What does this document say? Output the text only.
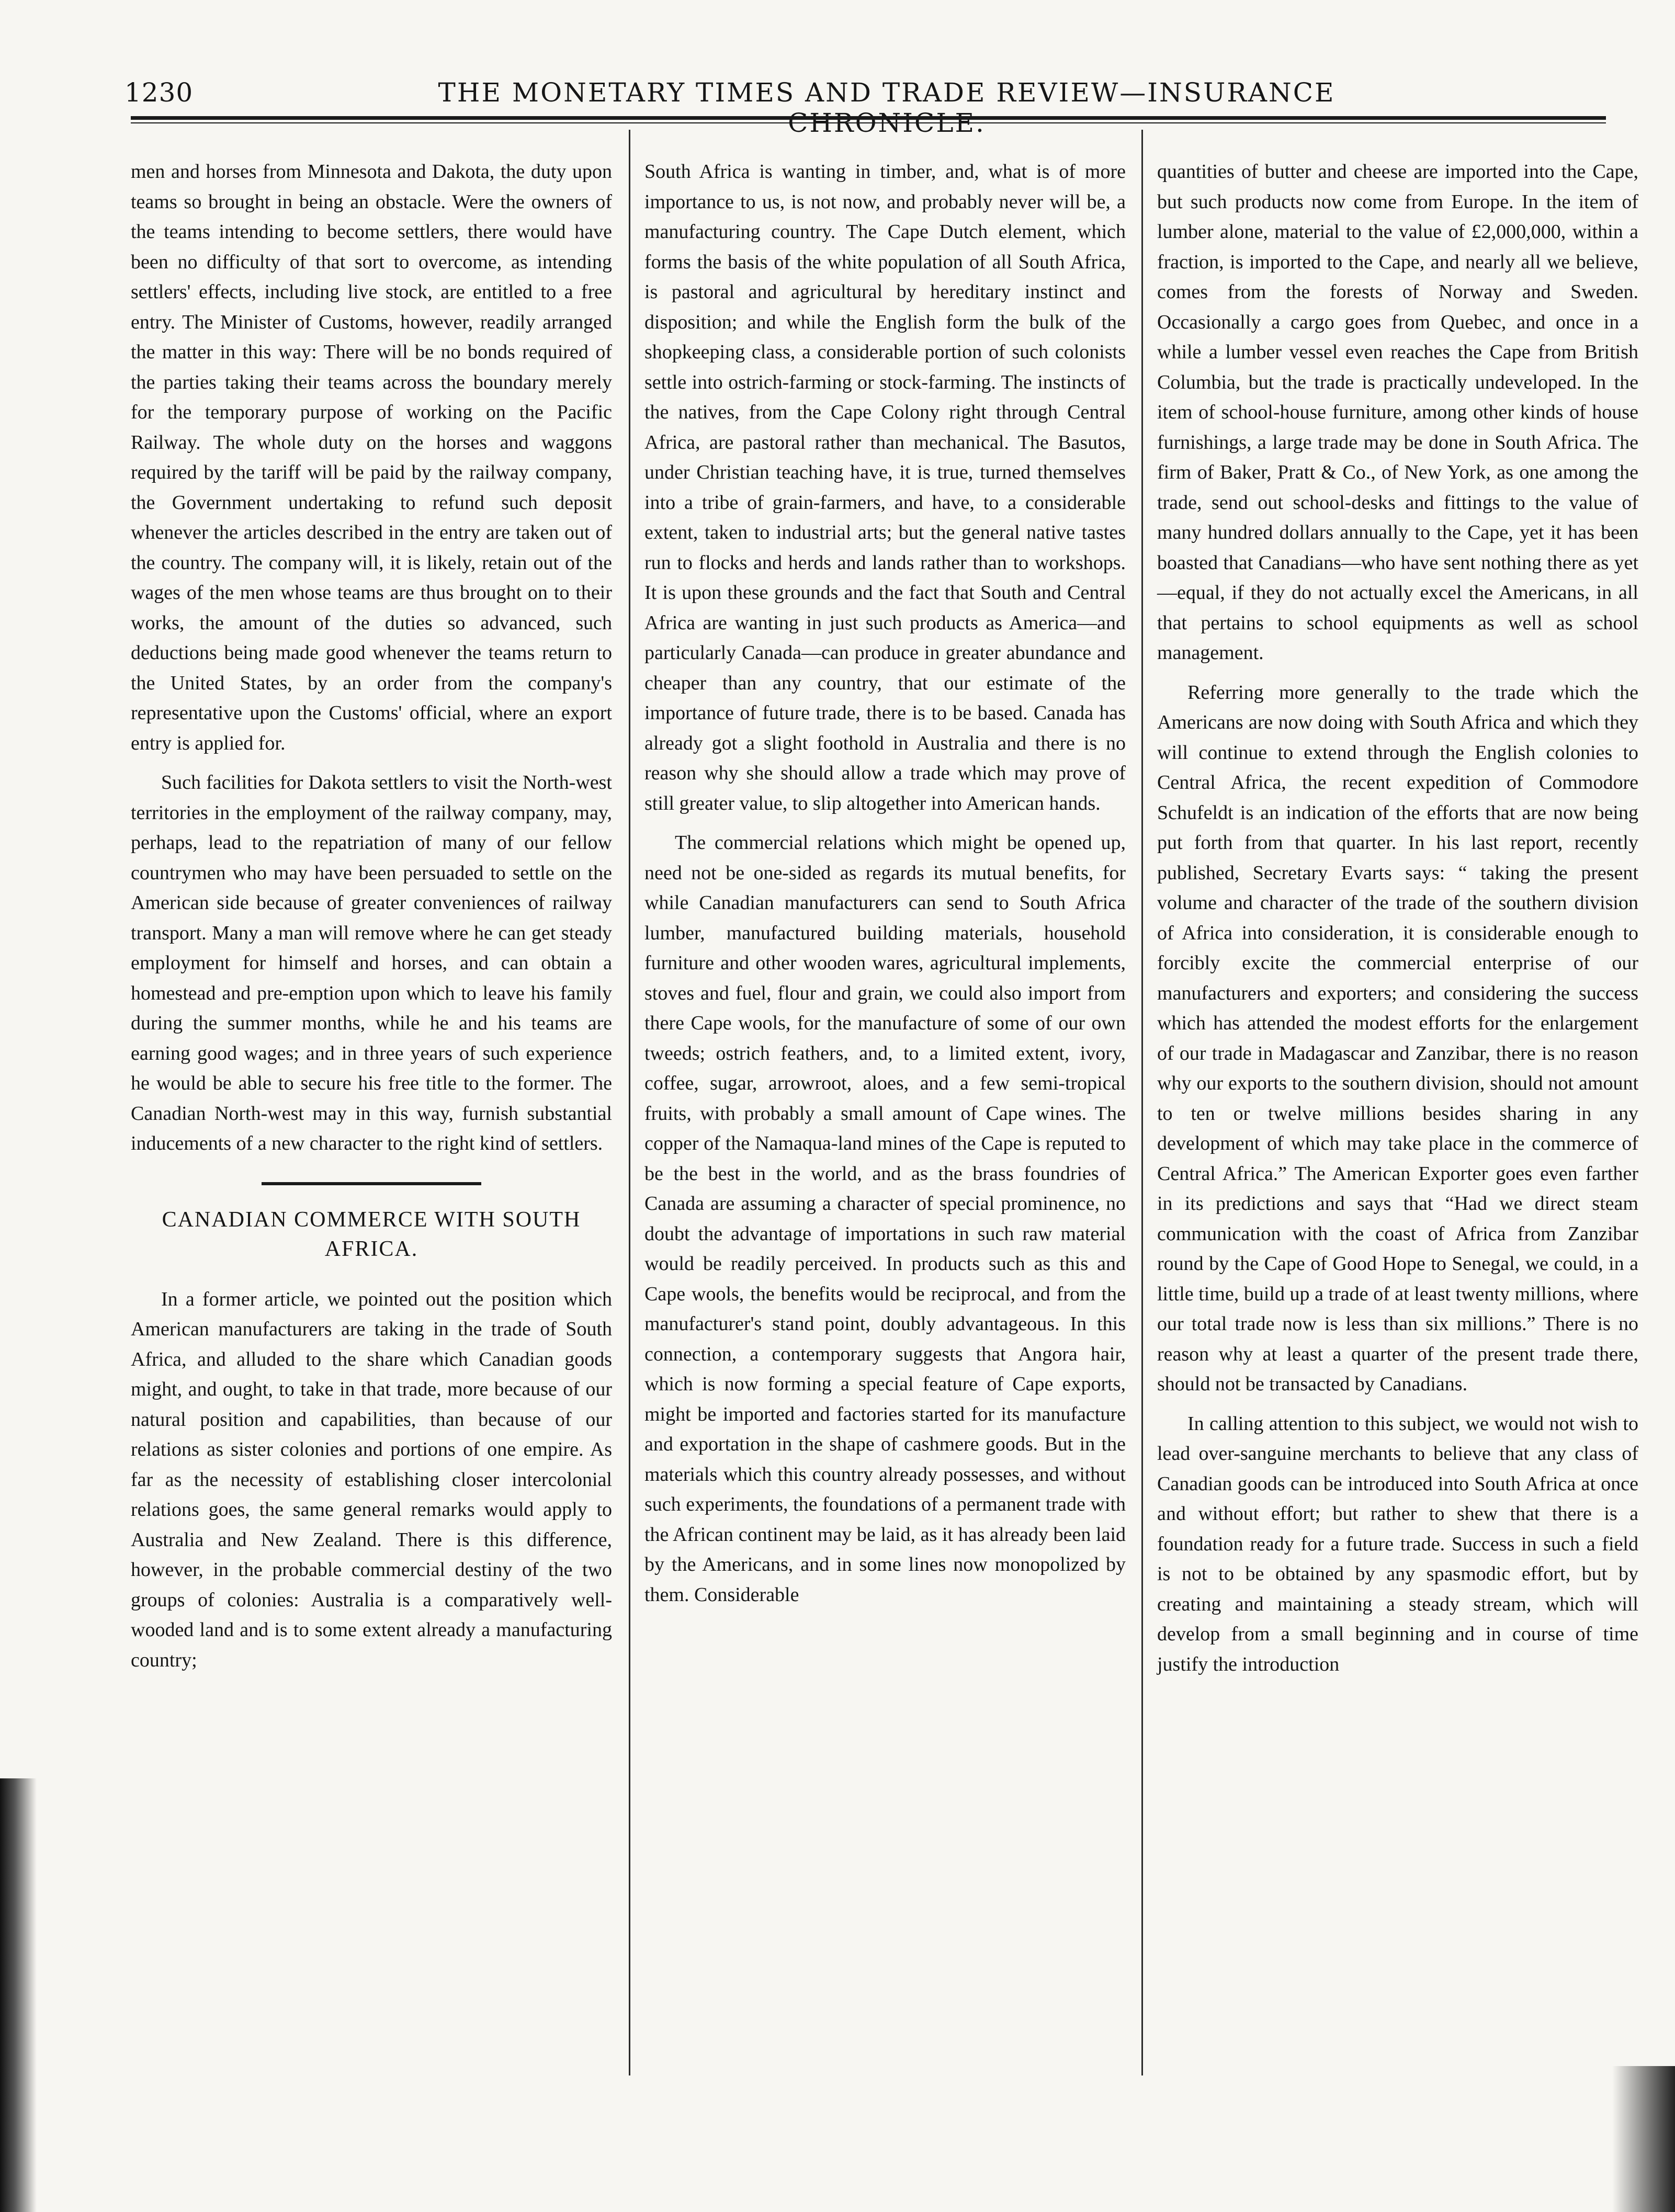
1230	THE MONETARY TIMES AND TRADE REVIEW—INSURANCE

men and horses from Minnesota and Dakota, the duty upon teams so brought in being an obstacle. Were the owners of the teams intending to become settlers, there would have been no difficulty of that sort to overcome, as intending settlers' effects, including live stock, are entitled to a free entry. The Minister of Customs, however, readily arranged the matter in this way: There will be no bonds required of the parties taking their teams across the boundary merely for the temporary purpose of working on the Pacific Railway. The whole duty on the horses and waggons required by the tariff will be paid by the railway company, the Government undertaking to refund such deposit whenever the articles described in the entry are taken out of the country. The company will, it is likely, retain out of the wages of the men whose teams are thus brought on to their works, the amount of the duties so advanced, such deductions being made good whenever the teams return to the United States, by an order from the company's representative upon the Customs' official, where an export entry is applied for.

Such facilities for Dakota settlers to visit the North-west territories in the employment of the railway company, may, perhaps, lead to the repatriation of many of our fellow countrymen who may have been persuaded to settle on the American side because of greater conveniences of railway transport. Many a man will remove where he can get steady employment for himself and horses, and can obtain a homestead and pre-emption upon which to leave his family during the summer months, while he and his teams are earning good wages; and in three years of such experience he would be able to secure his free title to the former. The Canadian North-west may in this way, furnish substantial inducements of a new character to the right kind of settlers.

CANADIAN COMMERCE WITH SOUTH AFRICA.

In a former article, we pointed out the position which American manufacturers are taking in the trade of South Africa, and alluded to the share which Canadian goods might, and ought, to take in that trade, more because of our natural position and capabilities, than because of our relations as sister colonies and portions of one empire. As far as the necessity of establishing closer intercolonial relations goes, the same general remarks would apply to Australia and New Zealand. There is this difference, however, in the probable commercial destiny of the two groups of colonies: Australia is a comparatively well-wooded land and is to some extent already a manufacturing country;

South Africa is wanting in timber, and, what is of more importance to us, is not now, and probably never will be, a manufacturing country. The Cape Dutch element, which forms the basis of the white population of all South Africa, is pastoral and agricultural by hereditary instinct and disposition; and while the English form the bulk of the shopkeeping class, a considerable portion of such colonists settle into ostrich-farming or stock-farming. The instincts of the natives, from the Cape Colony right through Central Africa, are pastoral rather than mechanical. The Basutos, under Christian teaching have, it is true, turned themselves into a tribe of grain-farmers, and have, to a considerable extent, taken to industrial arts; but the general native tastes run to flocks and herds and lands rather than to workshops. It is upon these grounds and the fact that South and Central Africa are wanting in just such products as America—and particularly Canada—can produce in greater abundance and cheaper than any country, that our estimate of the importance of future trade, there is to be based. Canada has already got a slight foothold in Australia and there is no reason why she should allow a trade which may prove of still greater value, to slip altogether into American hands.

The commercial relations which might be opened up, need not be one-sided as regards its mutual benefits, for while Canadian manufacturers can send to South Africa lumber, manufactured building materials, household furniture and other wooden wares, agricultural implements, stoves and fuel, flour and grain, we could also import from there Cape wools, for the manufacture of some of our own tweeds; ostrich feathers, and, to a limited extent, ivory, coffee, sugar, arrowroot, aloes, and a few semi-tropical fruits, with probably a small amount of Cape wines. The copper of the Namaqua-land mines of the Cape is reputed to be the best in the world, and as the brass foundries of Canada are assuming a character of special prominence, no doubt the advantage of importations in such raw material would be readily perceived. In products such as this and Cape wools, the benefits would be reciprocal, and from the manufacturer's stand point, doubly advantageous. In this connection, a contemporary suggests that Angora hair, which is now forming a special feature of Cape exports, might be imported and factories started for its manufacture and exportation in the shape of cashmere goods. But in the materials which this country already possesses, and without such experiments, the foundations of a permanent trade with the African continent may be laid, as it has already been laid by the Americans, and in some lines now monopolized by them. Considerable

quantities of butter and cheese are imported into the Cape, but such products now come from Europe. In the item of lumber alone, material to the value of £2,000,000, within a fraction, is imported to the Cape, and nearly all we believe, comes from the forests of Norway and Sweden. Occasionally a cargo goes from Quebec, and once in a while a lumber vessel even reaches the Cape from British Columbia, but the trade is practically undeveloped. In the item of school-house furniture, among other kinds of house furnishings, a large trade may be done in South Africa. The firm of Baker, Pratt & Co., of New York, as one among the trade, send out school-desks and fittings to the value of many hundred dollars annually to the Cape, yet it has been boasted that Canadians—who have sent nothing there as yet—equal, if they do not actually excel the Americans, in all that pertains to school equipments as well as school management.

Referring more generally to the trade which the Americans are now doing with South Africa and which they will continue to extend through the English colonies to Central Africa, the recent expedition of Commodore Schufeldt is an indication of the efforts that are now being put forth from that quarter. In his last report, recently published, Secretary Evarts says: “ taking the present volume and character of the trade of the southern division of Africa into consideration, it is considerable enough to forcibly excite the commercial enterprise of our manufacturers and exporters; and considering the success which has attended the modest efforts for the enlargement of our trade in Madagascar and Zanzibar, there is no reason why our exports to the southern division, should not amount to ten or twelve millions besides sharing in any development of which may take place in the commerce of Central Africa.” The American Exporter goes even farther in its predictions and says that “Had we direct steam communication with the coast of Africa from Zanzibar round by the Cape of Good Hope to Senegal, we could, in a little time, build up a trade of at least twenty millions, where our total trade now is less than six millions.” There is no reason why at least a quarter of the present trade there, should not be transacted by Canadians.

In calling attention to this subject, we would not wish to lead over-sanguine merchants to believe that any class of Canadian goods can be introduced into South Africa at once and without effort; but rather to shew that there is a foundation ready for a future trade. Success in such a field is not to be obtained by any spasmodic effort, but by creating and maintaining a steady stream, which will develop from a small beginning and in course of time justify the introduction
